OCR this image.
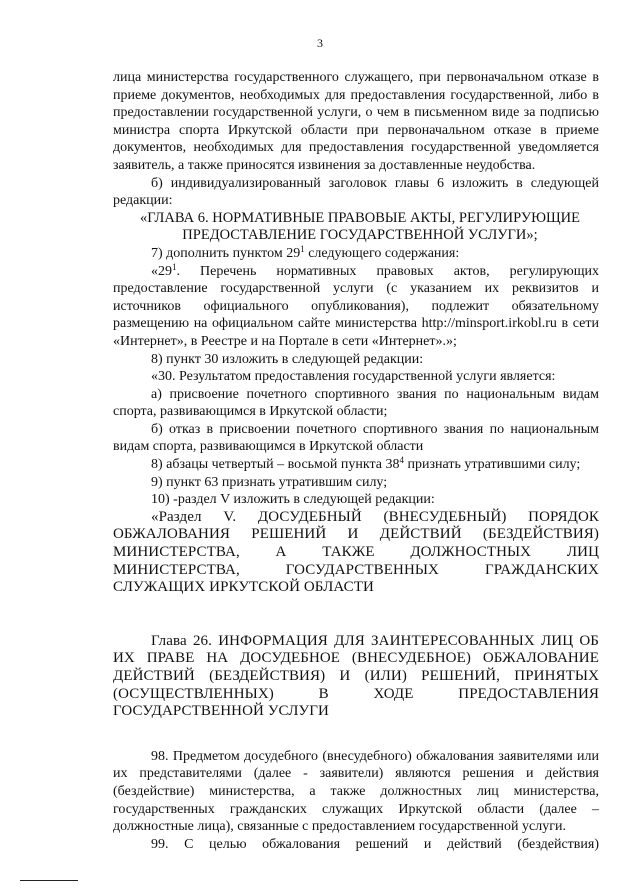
3

лица министерства государственного служащего, при первоначальном отказе в приеме документов, необходимых для предоставления государственной, либо в предоставлении государственной услуги, о чем в письменном виде за подписью министра спорта Иркутской области при первоначальном отказе в приеме документов, необходимых для предоставления государственной уведомляется заявитель, а также приносятся извинения за доставленные неудобства.

б) индивидуализированный заголовок главы 6 изложить в следующей редакции:

«ГЛАВА 6. НОРМАТИВНЫЕ ПРАВОВЫЕ АКТЫ, РЕГУЛИРУЮЩИЕ ПРЕДОСТАВЛЕНИЕ ГОСУДАРСТВЕННОЙ УСЛУГИ»;

7) дополнить пунктом $29^1$ следующего содержания:

«$29^1$. Перечень нормативных правовых актов, регулирующих предоставление государственной услуги (с указанием их реквизитов и источников официального опубликования), подлежит обязательному размещению на официальном сайте министерства http://minsport.irkobl.ru в сети «Интернет», в Реестре и на Портале в сети «Интернет».»;

8) пункт 30 изложить в следующей редакции:

«30. Результатом предоставления государственной услуги является:

а) присвоение почетного спортивного звания по национальным видам спорта, развивающимся в Иркутской области;

б) отказ в присвоении почетного спортивного звания по национальным видам спорта, развивающимся в Иркутской области

8) абзацы четвертый – восьмой пункта $38^4$ признать утратившими силу;

9) пункт 63 признать утратившим силу;

10) -раздел V изложить в следующей редакции:

«Раздел V. ДОСУДЕБНЫЙ (ВНЕСУДЕБНЫЙ) ПОРЯДОК ОБЖАЛОВАНИЯ РЕШЕНИЙ И ДЕЙСТВИЙ (БЕЗДЕЙСТВИЯ) МИНИСТЕРСТВА, А ТАКЖЕ ДОЛЖНОСТНЫХ ЛИЦ МИНИСТЕРСТВА, ГОСУДАРСТВЕННЫХ ГРАЖДАНСКИХ СЛУЖАЩИХ ИРКУТСКОЙ ОБЛАСТИ

Глава 26. ИНФОРМАЦИЯ ДЛЯ ЗАИНТЕРЕСОВАННЫХ ЛИЦ ОБ ИХ ПРАВЕ НА ДОСУДЕБНОЕ (ВНЕСУДЕБНОЕ) ОБЖАЛОВАНИЕ ДЕЙСТВИЙ (БЕЗДЕЙСТВИЯ) И (ИЛИ) РЕШЕНИЙ, ПРИНЯТЫХ (ОСУЩЕСТВЛЕННЫХ) В ХОДЕ ПРЕДОСТАВЛЕНИЯ ГОСУДАРСТВЕННОЙ УСЛУГИ

98. Предметом досудебного (внесудебного) обжалования заявителями или их представителями (далее - заявители) являются решения и действия (бездействие) министерства, а также должностных лиц министерства, государственных гражданских служащих Иркутской области (далее – должностные лица), связанные с предоставлением государственной услуги.

99. С целью обжалования решений и действий (бездействия)
